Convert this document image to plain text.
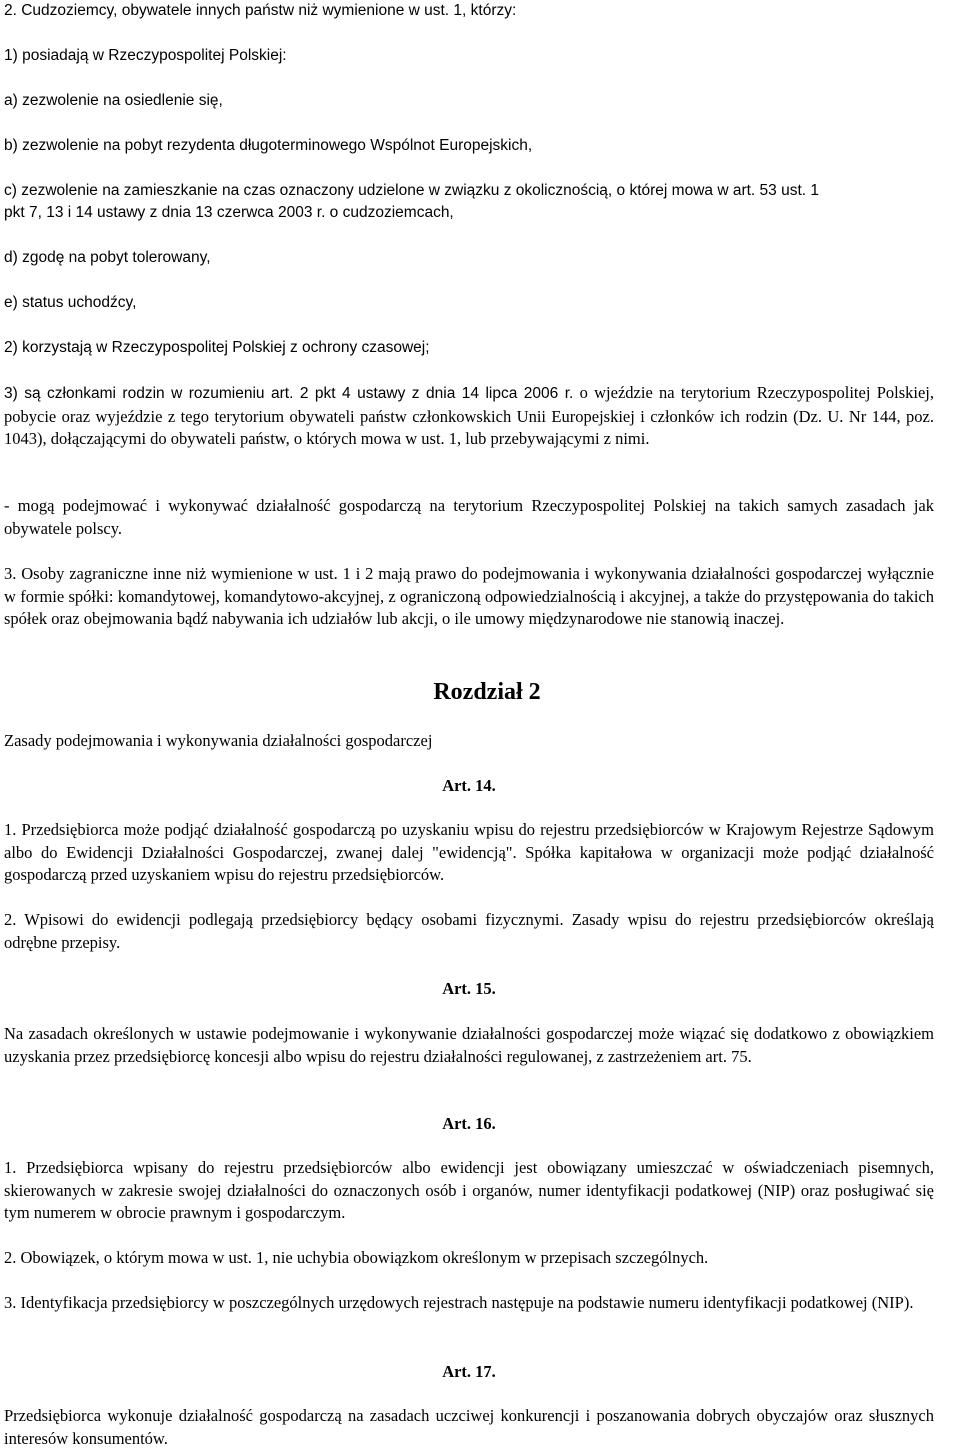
2. Cudzoziemcy, obywatele innych państw niż wymienione w ust. 1, którzy:
1) posiadają w Rzeczypospolitej Polskiej:
a) zezwolenie na osiedlenie się,
b) zezwolenie na pobyt rezydenta długoterminowego Wspólnot Europejskich,
c) zezwolenie na zamieszkanie na czas oznaczony udzielone w związku z okolicznością, o której mowa w art. 53 ust. 1
pkt 7, 13 i 14 ustawy z dnia 13 czerwca 2003 r. o cudzoziemcach,
d) zgodę na pobyt tolerowany,
e) status uchodźcy,
2) korzystają w Rzeczypospolitej Polskiej z ochrony czasowej;
3) są członkami rodzin w rozumieniu art. 2 pkt 4 ustawy z dnia 14 lipca 2006 r. o wjeździe na terytorium Rzeczypospolitej Polskiej, pobycie oraz wyjeździe z tego terytorium obywateli państw członkowskich Unii Europejskiej i członków ich rodzin (Dz. U. Nr 144, poz. 1043), dołączającymi do obywateli państw, o których mowa w ust. 1, lub przebywającymi z nimi.
- mogą podejmować i wykonywać działalność gospodarczą na terytorium Rzeczypospolitej Polskiej na takich samych zasadach jak obywatele polscy.
3. Osoby zagraniczne inne niż wymienione w ust. 1 i 2 mają prawo do podejmowania i wykonywania działalności gospodarczej wyłącznie w formie spółki: komandytowej, komandytowo-akcyjnej, z ograniczoną odpowiedzialnością i akcyjnej, a także do przystępowania do takich spółek oraz obejmowania bądź nabywania ich udziałów lub akcji, o ile umowy międzynarodowe nie stanowią inaczej.
Rozdział 2
Zasady podejmowania i wykonywania działalności gospodarczej
Art. 14.
1. Przedsiębiorca może podjąć działalność gospodarczą po uzyskaniu wpisu do rejestru przedsiębiorców w Krajowym Rejestrze Sądowym albo do Ewidencji Działalności Gospodarczej, zwanej dalej "ewidencją". Spółka kapitałowa w organizacji może podjąć działalność gospodarczą przed uzyskaniem wpisu do rejestru przedsiębiorców.
2. Wpisowi do ewidencji podlegają przedsiębiorcy będący osobami fizycznymi. Zasady wpisu do rejestru przedsiębiorców określają odrębne przepisy.
Art. 15.
Na zasadach określonych w ustawie podejmowanie i wykonywanie działalności gospodarczej może wiązać się dodatkowo z obowiązkiem uzyskania przez przedsiębiorcę koncesji albo wpisu do rejestru działalności regulowanej, z zastrzeżeniem art. 75.
Art. 16.
1. Przedsiębiorca wpisany do rejestru przedsiębiorców albo ewidencji jest obowiązany umieszczać w oświadczeniach pisemnych, skierowanych w zakresie swojej działalności do oznaczonych osób i organów, numer identyfikacji podatkowej (NIP) oraz posługiwać się tym numerem w obrocie prawnym i gospodarczym.
2. Obowiązek, o którym mowa w ust. 1, nie uchybia obowiązkom określonym w przepisach szczególnych.
3. Identyfikacja przedsiębiorcy w poszczególnych urzędowych rejestrach następuje na podstawie numeru identyfikacji podatkowej (NIP).
Art. 17.
Przedsiębiorca wykonuje działalność gospodarczą na zasadach uczciwej konkurencji i poszanowania dobrych obyczajów oraz słusznych interesów konsumentów.
